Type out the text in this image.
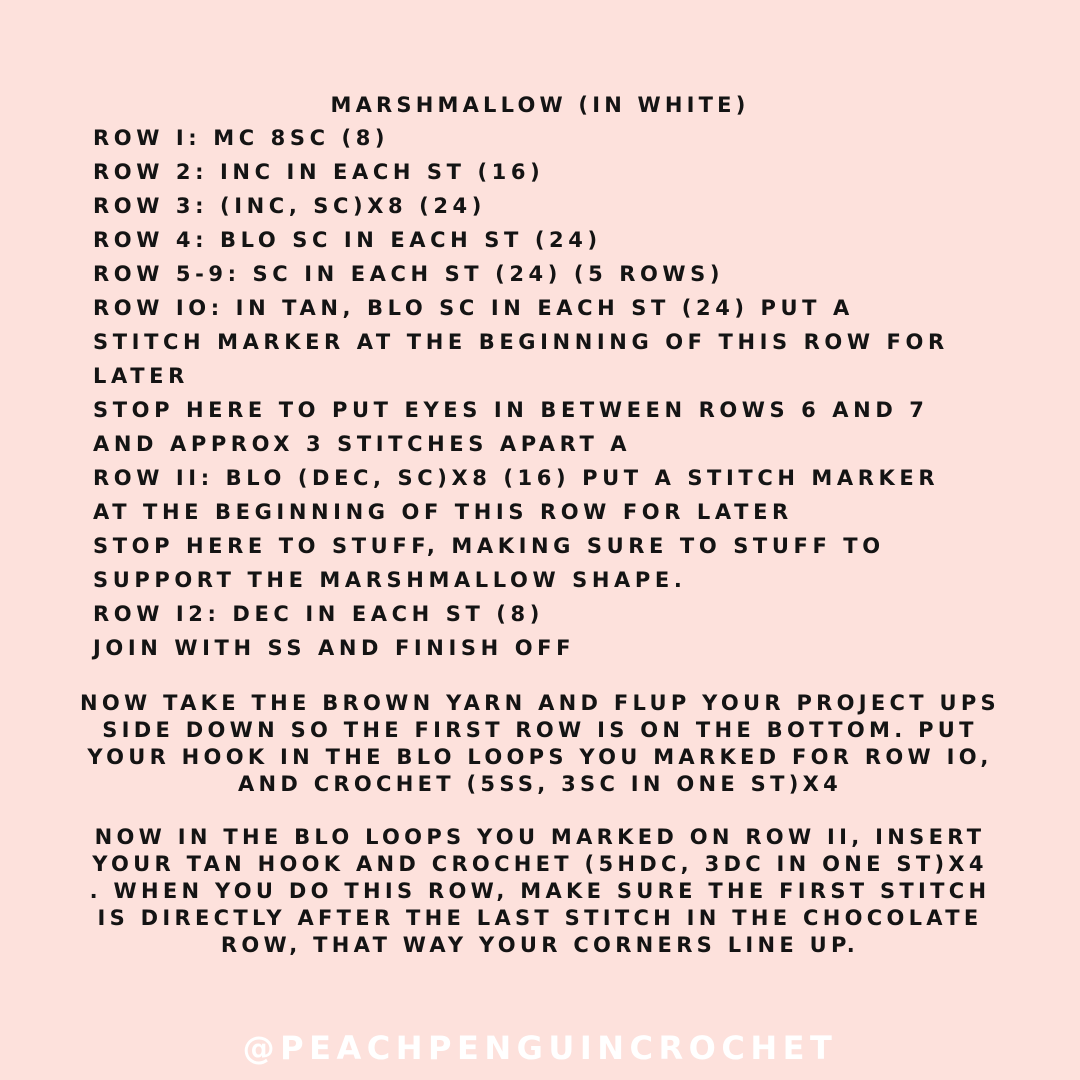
MARSHMALLOW (IN WHITE)
ROW I: MC 8SC (8)
ROW 2: INC IN EACH ST (16)
ROW 3: (INC, SC)X8 (24)
ROW 4: BLO SC IN EACH ST (24)
ROW 5-9: SC IN EACH ST (24) (5 ROWS)
ROW IO: IN TAN, BLO SC IN EACH ST (24) PUT A
STITCH MARKER AT THE BEGINNING OF THIS ROW FOR
LATER
STOP HERE TO PUT EYES IN BETWEEN ROWS 6 AND 7
AND APPROX 3 STITCHES APART A
ROW II: BLO (DEC, SC)X8 (16) PUT A STITCH MARKER
AT THE BEGINNING OF THIS ROW FOR LATER
STOP HERE TO STUFF, MAKING SURE TO STUFF TO
SUPPORT THE MARSHMALLOW SHAPE.
ROW I2: DEC IN EACH ST (8)
JOIN WITH SS AND FINISH OFF
NOW TAKE THE BROWN YARN AND FLUP YOUR PROJECT UPS
SIDE DOWN SO THE FIRST ROW IS ON THE BOTTOM. PUT
YOUR HOOK IN THE BLO LOOPS YOU MARKED FOR ROW IO,
AND CROCHET (5SS, 3SC IN ONE ST)X4
NOW IN THE BLO LOOPS YOU MARKED ON ROW II, INSERT
YOUR TAN HOOK AND CROCHET (5HDC, 3DC IN ONE ST)X4
. WHEN YOU DO THIS ROW, MAKE SURE THE FIRST STITCH
IS DIRECTLY AFTER THE LAST STITCH IN THE CHOCOLATE
ROW, THAT WAY YOUR CORNERS LINE UP.
@PEACHPENGUINCROCHET
